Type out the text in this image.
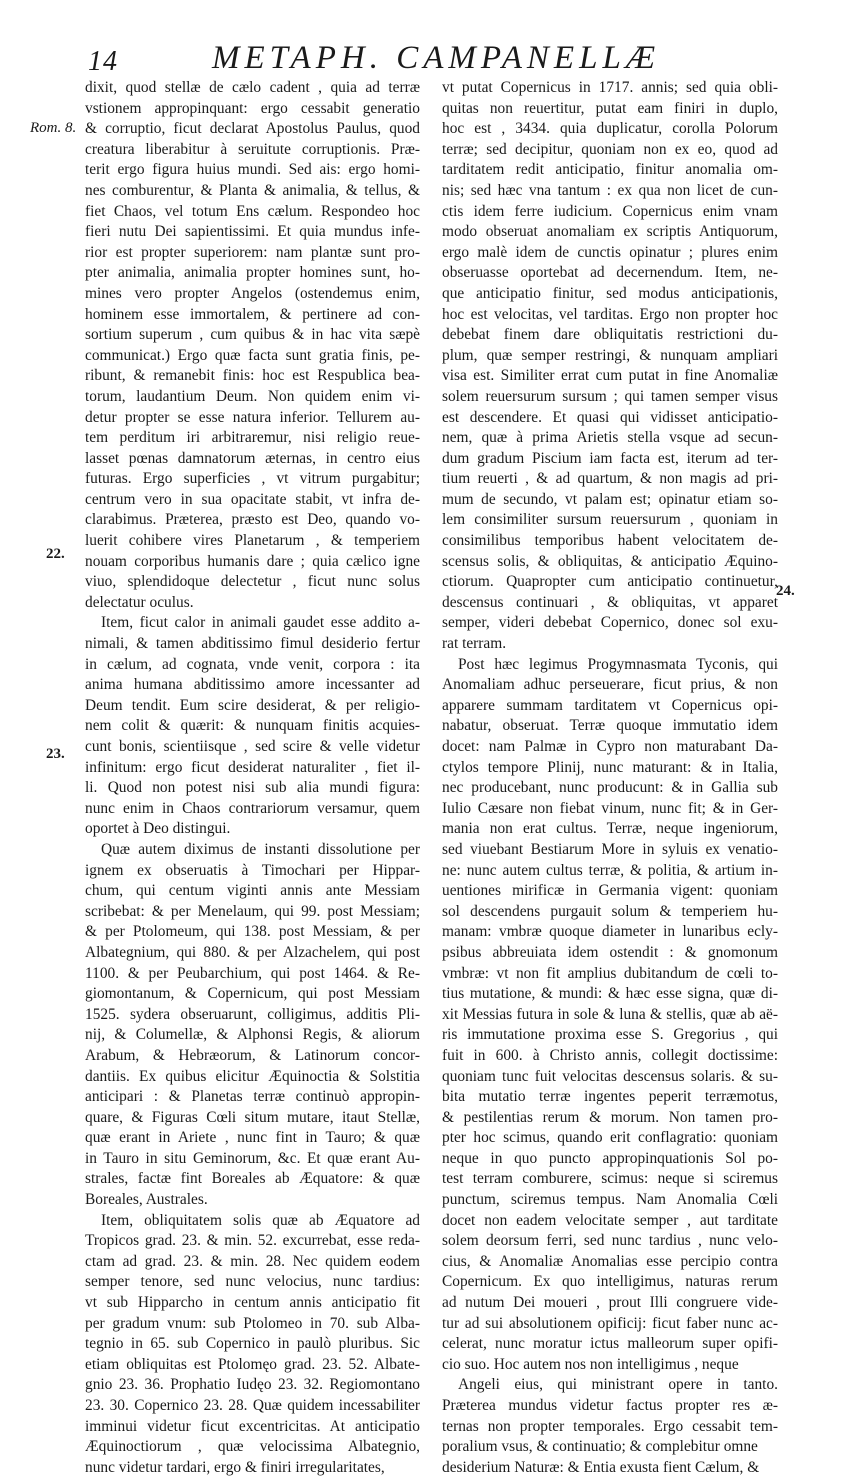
14	METAPH. CAMPANELLÆ
Rom. 8.
22.
23.
24.
dixit, quod stellæ de cælo cadent , quia ad terræ
vstionem appropinquant: ergo cessabit generatio
& corruptio, ficut declarat Apostolus Paulus, quod
creatura liberabitur à seruitute corruptionis. Præ-
terit ergo figura huius mundi. Sed ais: ergo homi-
nes comburentur, & Planta & animalia, & tellus, &
fiet Chaos, vel totum Ens cælum. Respondeo hoc
fieri nutu Dei sapientissimi. Et quia mundus infe-
rior est propter superiorem: nam plantæ sunt pro-
pter animalia, animalia propter homines sunt, ho-
mines vero propter Angelos (ostendemus enim,
hominem esse immortalem, & pertinere ad con-
sortium superum , cum quibus & in hac vita sæpè
communicat.) Ergo quæ facta sunt gratia finis, pe-
ribunt, & remanebit finis: hoc est Respublica bea-
torum, laudantium Deum. Non quidem enim vi-
detur propter se esse natura inferior. Tellurem au-
tem perditum iri arbitraremur, nisi religio reue-
lasset pœnas damnatorum æternas, in centro eius
futuras. Ergo superficies , vt vitrum purgabitur;
centrum vero in sua opacitate stabit, vt infra de-
clarabimus. Præterea, præsto est Deo, quando vo-
luerit cohibere vires Planetarum , & temperiem
nouam corporibus humanis dare ; quia cælico igne
viuo, splendidoque delectetur , ficut nunc solus
delectatur oculus.
Item, ficut calor in animali gaudet esse addito a-
nimali, & tamen abditissimo fimul desiderio fertur
in cælum, ad cognata, vnde venit, corpora : ita
anima humana abditissimo amore incessanter ad
Deum tendit. Eum scire desiderat, & per religio-
nem colit & quærit: & nunquam finitis acquies-
cunt bonis, scientiisque , sed scire & velle videtur
infinitum: ergo ficut desiderat naturaliter , fiet il-
li. Quod non potest nisi sub alia mundi figura:
nunc enim in Chaos contrariorum versamur, quem
oportet à Deo distingui.
Quæ autem diximus de instanti dissolutione per
ignem ex obseruatis à Timochari per Hippar-
chum, qui centum viginti annis ante Messiam
scribebat: & per Menelaum, qui 99. post Messiam;
& per Ptolomeum, qui 138. post Messiam, & per
Albategnium, qui 880. & per Alzachelem, qui post
1100. & per Peubarchium, qui post 1464. & Re-
giomontanum, & Copernicum, qui post Messiam
1525. sydera obseruarunt, colligimus, additis Pli-
nij, & Columellæ, & Alphonsi Regis, & aliorum
Arabum, & Hebræorum, & Latinorum concor-
dantiis. Ex quibus elicitur Æquinoctia & Solstitia
anticipari : & Planetas terræ continuò appropin-
quare, & Figuras Cœli situm mutare, itaut Stellæ,
quæ erant in Ariete , nunc fint in Tauro; & quæ
in Tauro in situ Geminorum, &c. Et quæ erant Au-
strales, factæ fint Boreales ab Æquatore: & quæ
Boreales, Australes.
Item, obliquitatem solis quæ ab Æquatore ad
Tropicos grad. 23. & min. 52. excurrebat, esse reda-
ctam ad grad. 23. & min. 28. Nec quidem eodem
semper tenore, sed nunc velocius, nunc tardius:
vt sub Hipparcho in centum annis anticipatio fit
per gradum vnum: sub Ptolomeo in 70. sub Alba-
tegnio in 65. sub Copernico in paulò pluribus. Sic
etiam obliquitas est Ptolomęo grad. 23. 52. Albate-
gnio 23. 36. Prophatio Iudęo 23. 32. Regiomontano
23. 30. Copernico 23. 28. Quæ quidem incessabiliter
imminui videtur ficut excentricitas. At anticipatio
Æquinoctiorum , quæ velocissima Albategnio,
nunc videtur tardari, ergo & finiri irregularitates,
vt putat Copernicus in 1717. annis; sed quia obli-
quitas non reuertitur, putat eam finiri in duplo,
hoc est , 3434. quia duplicatur, corolla Polorum
terræ; sed decipitur, quoniam non ex eo, quod ad
tarditatem redit anticipatio, finitur anomalia om-
nis; sed hæc vna tantum : ex qua non licet de cun-
ctis idem ferre iudicium. Copernicus enim vnam
modo obseruat anomaliam ex scriptis Antiquorum,
ergo malè idem de cunctis opinatur ; plures enim
obseruasse oportebat ad decernendum. Item, ne-
que anticipatio finitur, sed modus anticipationis,
hoc est velocitas, vel tarditas. Ergo non propter hoc
debebat finem dare obliquitatis restrictioni du-
plum, quæ semper restringi, & nunquam ampliari
visa est. Similiter errat cum putat in fine Anomaliæ
solem reuersurum sursum ; qui tamen semper visus
est descendere. Et quasi qui vidisset anticipatio-
nem, quæ à prima Arietis stella vsque ad secun-
dum gradum Piscium iam facta est, iterum ad ter-
tium reuerti , & ad quartum, & non magis ad pri-
mum de secundo, vt palam est; opinatur etiam so-
lem consimiliter sursum reuersurum , quoniam in
consimilibus temporibus habent velocitatem de-
scensus solis, & obliquitas, & anticipatio Æquino-
ctiorum. Quapropter cum anticipatio continuetur,
descensus continuari , & obliquitas, vt apparet
semper, videri debebat Copernico, donec sol exu-
rat terram.
Post hæc legimus Progymnasmata Tyconis, qui
Anomaliam adhuc perseuerare, ficut prius, & non
apparere summam tarditatem vt Copernicus opi-
nabatur, obseruat. Terræ quoque immutatio idem
docet: nam Palmæ in Cypro non maturabant Da-
ctylos tempore Plinij, nunc maturant: & in Italia,
nec producebant, nunc producunt: & in Gallia sub
Iulio Cæsare non fiebat vinum, nunc fit; & in Ger-
mania non erat cultus. Terræ, neque ingeniorum,
sed viuebant Bestiarum More in syluis ex venatio-
ne: nunc autem cultus terræ, & politia, & artium in-
uentiones mirificæ in Germania vigent: quoniam
sol descendens purgauit solum & temperiem hu-
manam: vmbræ quoque diameter in lunaribus ecly-
psibus abbreuiata idem ostendit : & gnomonum
vmbræ: vt non fit amplius dubitandum de cœli to-
tius mutatione, & mundi: & hæc esse signa, quæ di-
xit Messias futura in sole & luna & stellis, quæ ab aë-
ris immutatione proxima esse S. Gregorius , qui
fuit in 600. à Christo annis, collegit doctissime:
quoniam tunc fuit velocitas descensus solaris. & su-
bita mutatio terræ ingentes peperit terræmotus,
& pestilentias rerum & morum. Non tamen pro-
pter hoc scimus, quando erit conflagratio: quoniam
neque in quo puncto appropinquationis Sol po-
test terram comburere, scimus: neque si sciremus
punctum, sciremus tempus. Nam Anomalia Cœli
docet non eadem velocitate semper , aut tarditate
solem deorsum ferri, sed nunc tardius , nunc velo-
cius, & Anomaliæ Anomalias esse percipio contra
Copernicum. Ex quo intelligimus, naturas rerum
ad nutum Dei moueri , prout Illi congruere vide-
tur ad sui absolutionem opificij: ficut faber nunc ac-
celerat, nunc moratur ictus malleorum super opifi-
cio suo. Hoc autem nos non intelligimus , neque
Angeli eius, qui ministrant opere in tanto.
Præterea mundus videtur factus propter res æ-
ternas non propter temporales. Ergo cessabit tem-
poralium vsus, & continuatio; & complebitur omne
desiderium Naturæ: & Entia exusta fient Cælum, &
